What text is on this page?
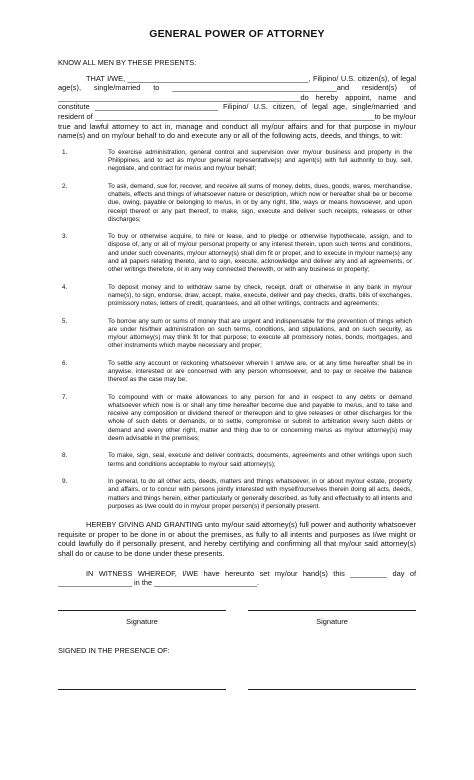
GENERAL POWER OF ATTORNEY

KNOW ALL MEN BY THESE PRESENTS:

THAT I/WE, ____________________________________________, Filipino/ U.S. citizen(s), of legal age(s), single/married to ________________________________________and resident(s) of ___________________________________________________________do hereby appoint, name and constitute ______________________________ Filipino/ U.S. citizen, of legal age, single/married and resident of ____________________________________________________________________to be my/our true and lawful attorney to act in, manage and conduct all my/our affairs and for that purpose in my/our name(s) and on my/our behalf to do and execute any or all of the following acts, deeds, and things, to wit:

1.	To exercise administration, general control and supervision over my/our business and property in the Philippines, and to act as my/our general representative(s) and agent(s) with full authority to buy, sell, negotiate, and contract for me/us and my/our behalf;
2.	To ask, demand, sue for, recover, and receive all sums of money, debts, dues, goods, wares, merchandise, chattels, effects and things of whatsoever nature or description, which now or hereafter shall be or become due, owing, payable or belonging to me/us, in or by any right, title, ways or means howsoever, and upon receipt thereof or any part thereof, to make, sign, execute and deliver such receipts, releases or other discharges;
3.	To buy or otherwise acquire, to hire or lease, and to pledge or otherwise hypothecate, assign, and to dispose of, any or all of my/our personal property or any interest therein, upon such terms and conditions, and under such covenants, my/our attorney(s) shall dim fit or proper, and to execute in my/our name(s) any and all papers relating thereto, and to sign, execute, acknowledge and deliver any and all agreements, or other writings therefore, or in any way connected therewith, or with any business or property;
4.	To deposit money and to withdraw same by check, receipt, draft or otherwise in any bank in my/our name(s), to sign, endorse, draw, accept, make, execute, deliver and pay checks, drafts, bills of exchanges, promissory notes, letters of credit, quarantees, and all other writings, contracts and agreements;
5.	To borrow any sum or sums of money that are urgent and indispensable for the prevention of things which are under his/their administration on such terms, conditions, and stipulations, and on such security, as my/our attorney(s) may think fit for that purpose; to execute all promissory notes, bonds, mortgages, and other instruments which maybe necessary and proper;
6.	To settle any account or reckoning whatsoever wherein I am/we are, or at any time hereafter shall be in anywise, interested or are concerned with any person whomsoever, and to pay or receive the balance thereof as the case may be;
7.	To compound with or make allowances to any person for and in respect to any debts or demand whatsoever which now is or shall any time hereafter become due and payable to me/us, and to take and receive any composition or dividend thereof or thereupon and to give releases or other discharges for the whole of such debts or demands, or to settle, compromise or submit to arbitration every such debts or demand and every other right, matter and thing due to or concerning me/us as my/our attorney(s) may deem advisable in the premises;
8.	To make, sign, seal, execute and deliver contracts, documents, agreements and other writings upon such terms and conditions acceptable to my/our said attorney(s);
9.	In general, to do all other acts, deeds, matters and things whatsoever, in or about my/our estate, property and affairs, or to concur with persons jointly interested with myself/ourselves therein doing all acts, deeds, matters and things herein, either particularly or generally described, as fully and effectually to all intents and purposes as I/we could do in my/our proper person(s) if personally present.

HEREBY GIVING AND GRANTING unto my/our said attorney(s) full power and authority whatsoever requisite or proper to be done in or about the premises, as fully to all intents and purposes as I/we might or could lawfully do if personally present, and hereby certifying and confirming all that my/our said attorney(s) shall do or cause to be done under these presents.

IN WITNESS WHEREOF, I/WE have hereunto set my/our hand(s) this _________ day of __________________ in the _________________________.

Signature	Signature
SIGNED IN THE PRESENCE OF:
